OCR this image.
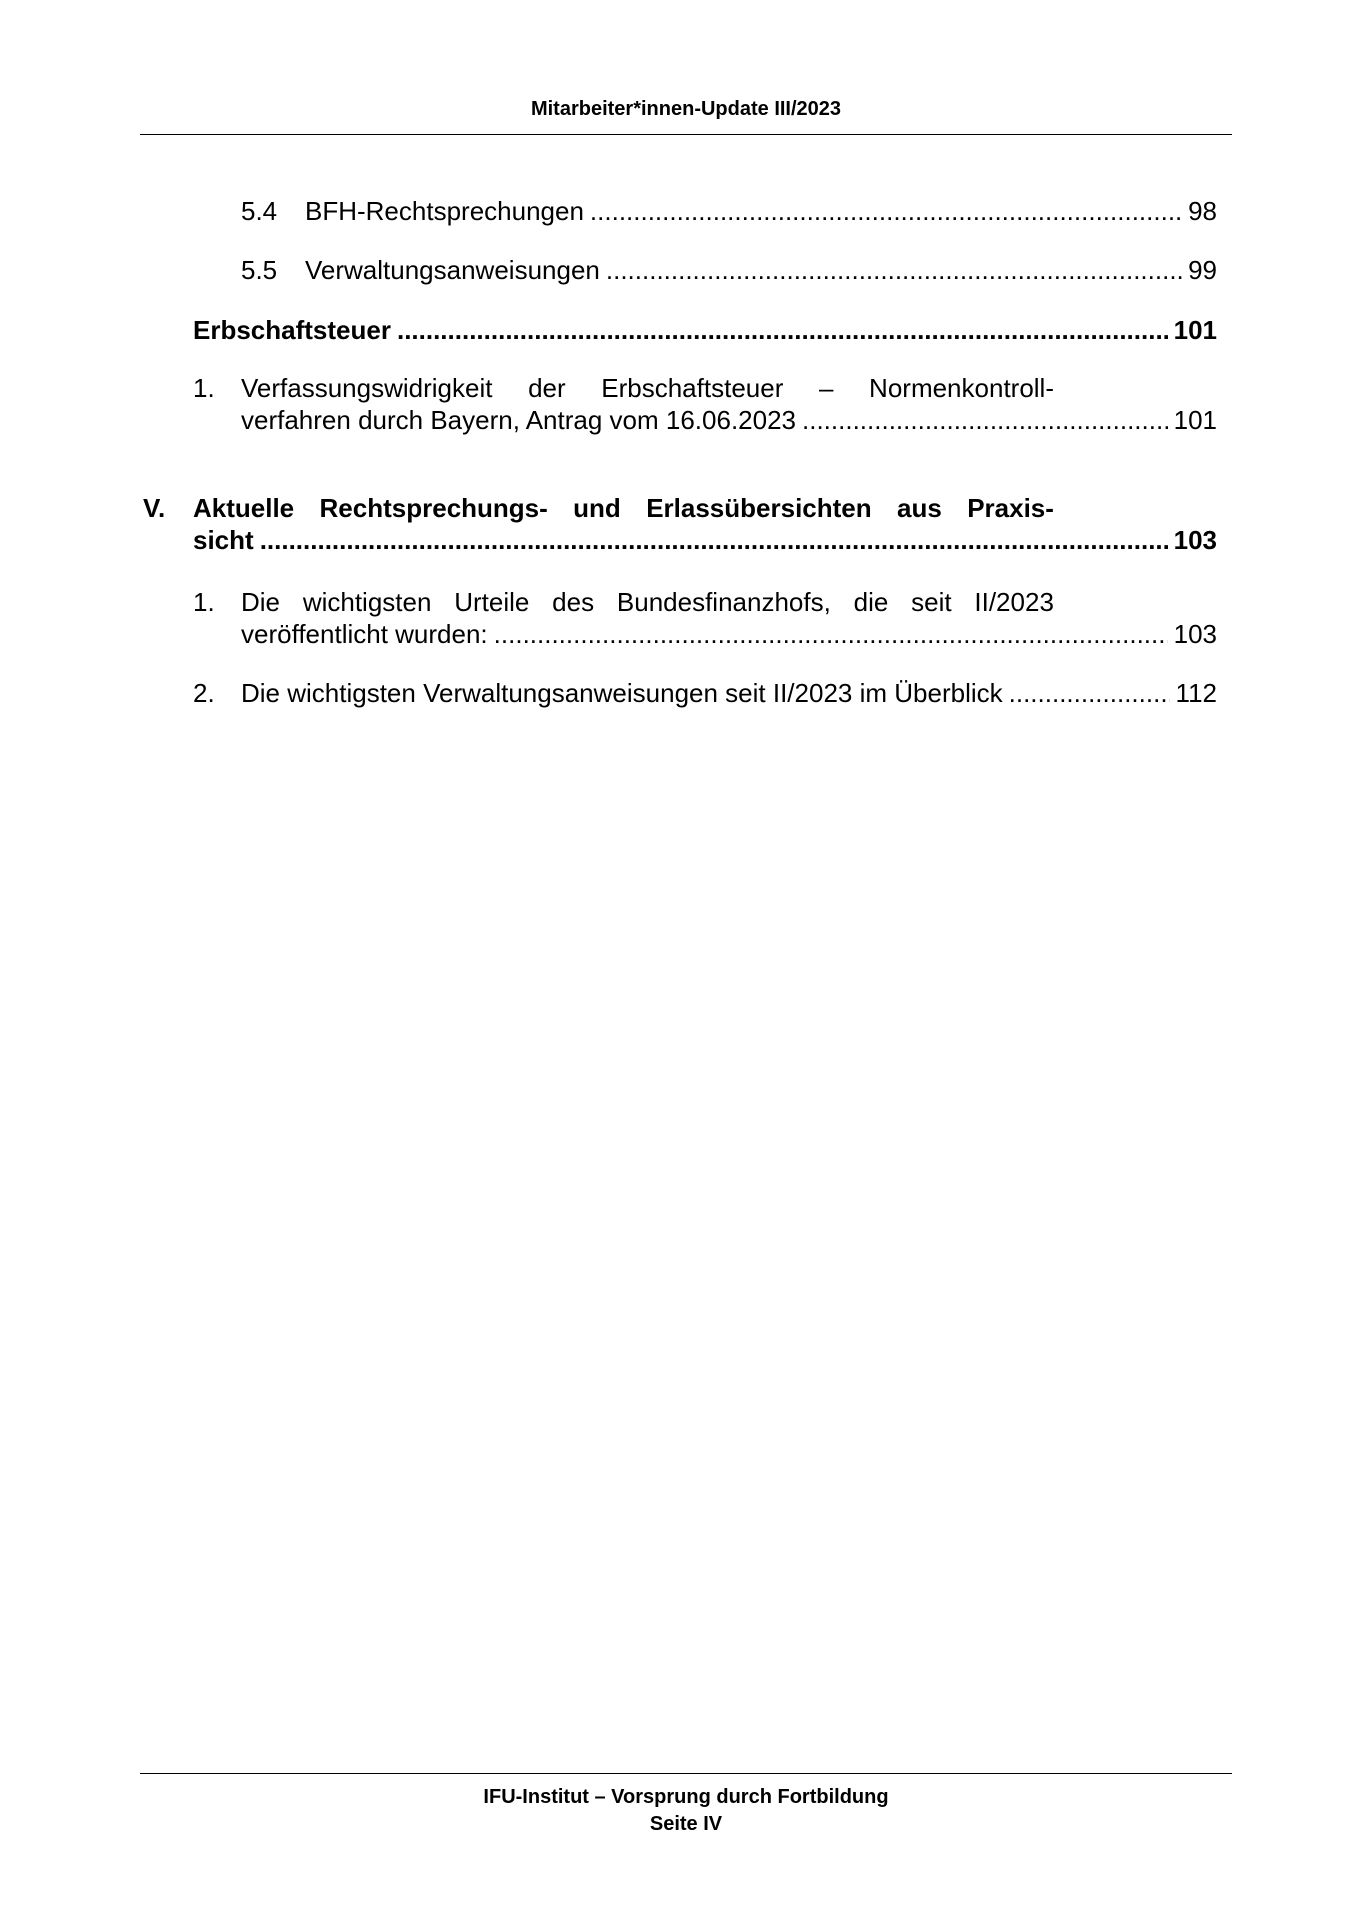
Mitarbeiter*innen-Update III/2023
5.4 BFH-Rechtsprechungen .....	98
5.5 Verwaltungsanweisungen .....	99
Erbschaftsteuer .....	101
1. Verfassungswidrigkeit der Erbschaftsteuer – Normenkontroll-
verfahren durch Bayern, Antrag vom 16.06.2023 .....	101
V. Aktuelle Rechtsprechungs- und Erlassübersichten aus Praxis-
sicht .....	103
1. Die wichtigsten Urteile des Bundesfinanzhofs, die seit II/2023
veröffentlicht wurden: .....	103
2. Die wichtigsten Verwaltungsanweisungen seit II/2023 im Überblick .....	112
IFU-Institut – Vorsprung durch Fortbildung
Seite IV
